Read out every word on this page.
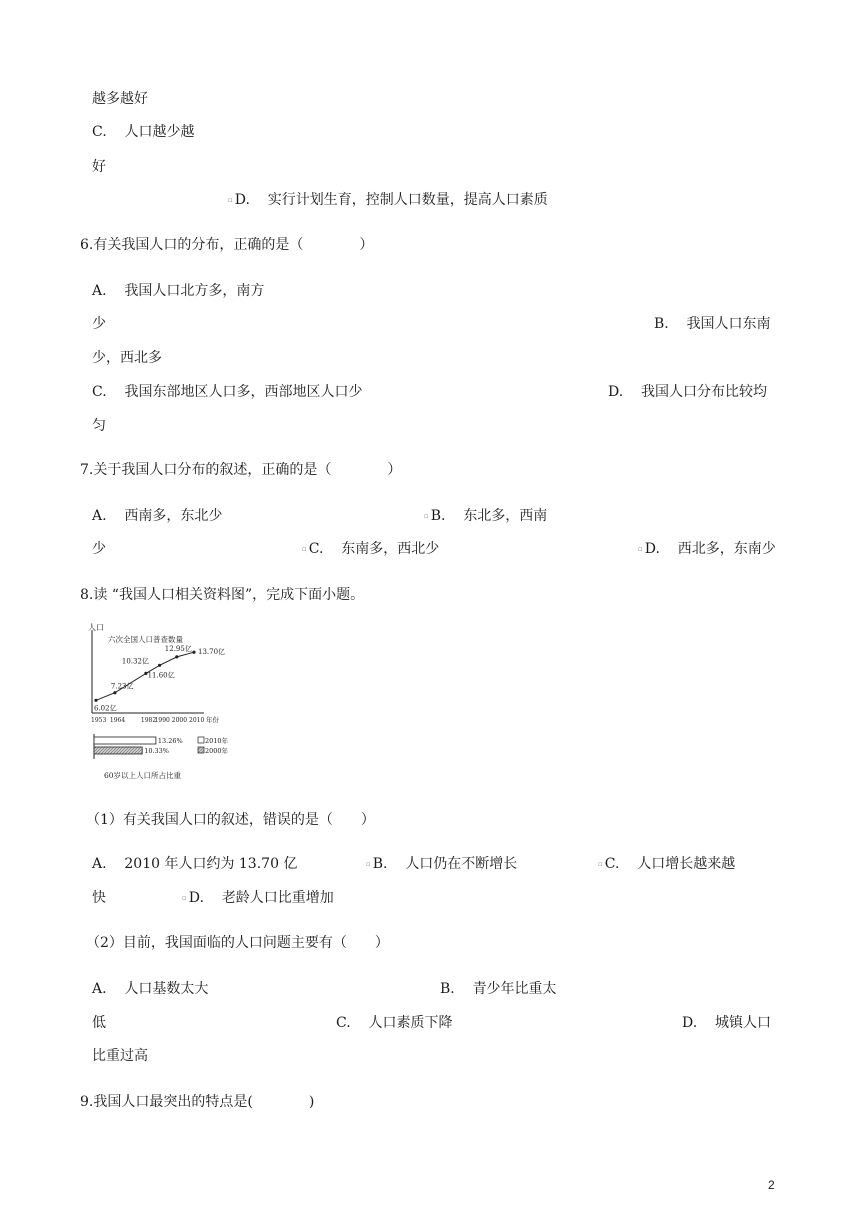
越多越好
C. 人口越少越
好
▫ D. 实行计划生育，控制人口数量，提高人口素质
6.有关我国人口的分布，正确的是（　　　　）
A. 我国人口北方多，南方
少	B. 我国人口东南
少，西北多
C. 我国东部地区人口多，西部地区人口少	D. 我国人口分布比较均
匀
7.关于我国人口分布的叙述，正确的是（　　　　）
A. 西南多，东北少	▫ B. 东北多，西南
少	▫ C. 东南多，西北少	▫ D. 西北多，东南少
8.读 “我国人口相关资料图”，完成下面小题。
人口
六次全国人口普查数量
年份
6.02亿
7.23亿
10.32亿
11.60亿
12.95亿 13.70亿
1953 1964	1982
1990 2000 2010
13.26%	2010年
10.33%	2000年
60岁以上人口所占比重
（1）有关我国人口的叙述，错误的是（　　）
A. 2010 年人口约为 13.70 亿	▫ B. 人口仍在不断增长	▫ C. 人口增长越来越
快	▫ D. 老龄人口比重增加
（2）目前，我国面临的人口问题主要有（　　）
A. 人口基数太大	B. 青少年比重太
低	C. 人口素质下降	D. 城镇人口
比重过高
9.我国人口最突出的特点是(　　　　)
2
